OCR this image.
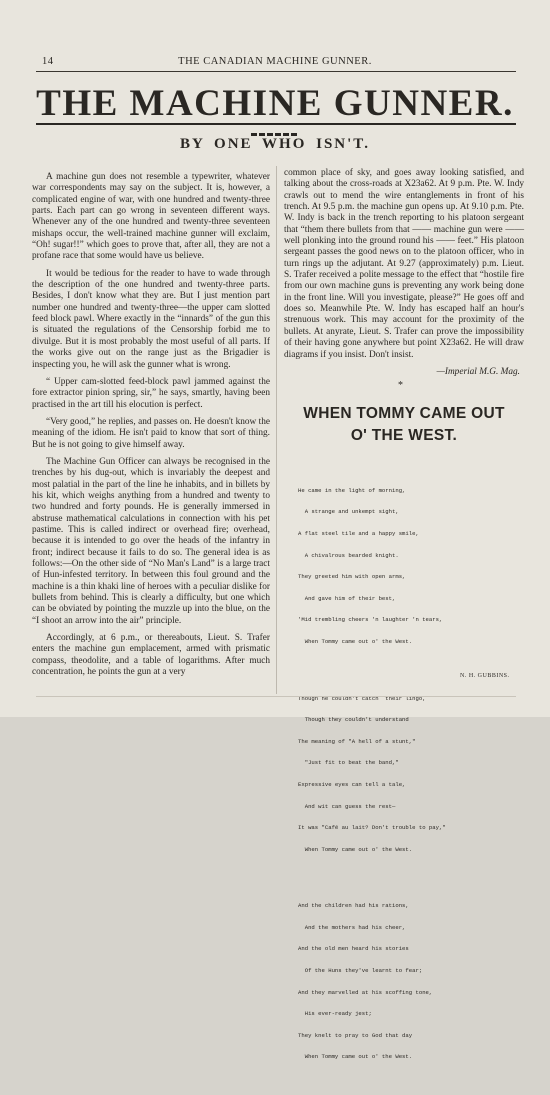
14	THE CANADIAN MACHINE GUNNER.
THE MACHINE GUNNER.
BY ONE WHO ISN'T.

A machine gun does not resemble a typewriter, whatever war correspondents may say on the subject. It is, however, a complicated engine of war, with one hundred and twenty-three parts. Each part can go wrong in seventeen different ways. Whenever any of the one hundred and twenty-three seventeen mishaps occur, the well-trained machine gunner will exclaim, “Oh! sugar!!” which goes to prove that, after all, they are not a profane race that some would have us believe.

It would be tedious for the reader to have to wade through the description of the one hundred and twenty-three parts. Besides, I don't know what they are. But I just mention part number one hundred and twenty-three—the upper cam slotted feed block pawl. Where exactly in the “innards” of the gun this is situated the regulations of the Censorship forbid me to divulge. But it is most probably the most useful of all parts. If the works give out on the range just as the Brigadier is inspecting you, he will ask the gunner what is wrong.

“ Upper cam-slotted feed-block pawl jammed against the fore extractor pinion spring, sir,” he says, smartly, having been practised in the art till his elocution is perfect.

“Very good,” he replies, and passes on. He doesn't know the meaning of the idiom. He isn't paid to know that sort of thing. But he is not going to give himself away.

The Machine Gun Officer can always be recognised in the trenches by his dug-out, which is invariably the deepest and most palatial in the part of the line he inhabits, and in billets by his kit, which weighs anything from a hundred and twenty to two hundred and forty pounds. He is generally immersed in abstruse mathematical calculations in connection with his pet pastime. This is called indirect or overhead fire; overhead, because it is intended to go over the heads of the infantry in front; indirect because it fails to do so. The general idea is as follows:—On the other side of “No Man's Land” is a large tract of Hun-infested territory. In between this foul ground and the machine is a thin khaki line of heroes with a peculiar dislike for bullets from behind. This is clearly a difficulty, but one which can be obviated by pointing the muzzle up into the blue, on the “I shoot an arrow into the air” principle.

Accordingly, at 6 p.m., or thereabouts, Lieut. S. Trafer enters the machine gun emplacement, armed with prismatic compass, theodolite, and a table of logarithms. After much concentration, he points the gun at a very

common place of sky, and goes away looking satisfied, and talking about the cross-roads at X23a62. At 9 p.m. Pte. W. Indy crawls out to mend the wire entanglements in front of his trench. At 9.5 p.m. the machine gun opens up. At 9.10 p.m. Pte. W. Indy is back in the trench reporting to his platoon sergeant that “them there bullets from that —— machine gun were —— well plonking into the ground round his —— feet.” His platoon sergeant passes the good news on to the platoon officer, who in turn rings up the adjutant. At 9.27 (approximately) p.m. Lieut. S. Trafer received a polite message to the effect that “hostile fire from our own machine guns is preventing any work being done in the front line. Will you investigate, please?” He goes off and does so. Meanwhile Pte. W. Indy has escaped half an hour's strenuous work. This may account for the proximity of the bullets. At anyrate, Lieut. S. Trafer can prove the impossibility of their having gone anywhere but point X23a62. He will draw diagrams if you insist. Don't insist.

—Imperial M.G. Mag.
*
WHEN TOMMY CAME OUT
O' THE WEST.

He came in the light of morning,

A strange and unkempt sight,

A flat steel tile and a happy smile,

A chivalrous bearded knight.

They greeted him with open arms,

And gave him of their best,

'Mid trembling cheers 'n laughter 'n tears,

When Tommy came out o' the West.

Though he couldn't catch  their lingo,

Though they couldn't understand

The meaning of "A hell of a stunt,"

"Just fit to beat the band,"

Expressive eyes can tell a tale,

And wit can guess the rest—

It was "Café au lait? Don't trouble to pay,"

When Tommy came out o' the West.

And the children had his rations,

And the mothers had his cheer,

And the old men heard his stories

Of the Huns they've learnt to fear;

And they marvelled at his scoffing tone,

His ever-ready jest;

They knelt to pray to God that day

When Tommy came out o' the West.

N. H. GUBBINS.
